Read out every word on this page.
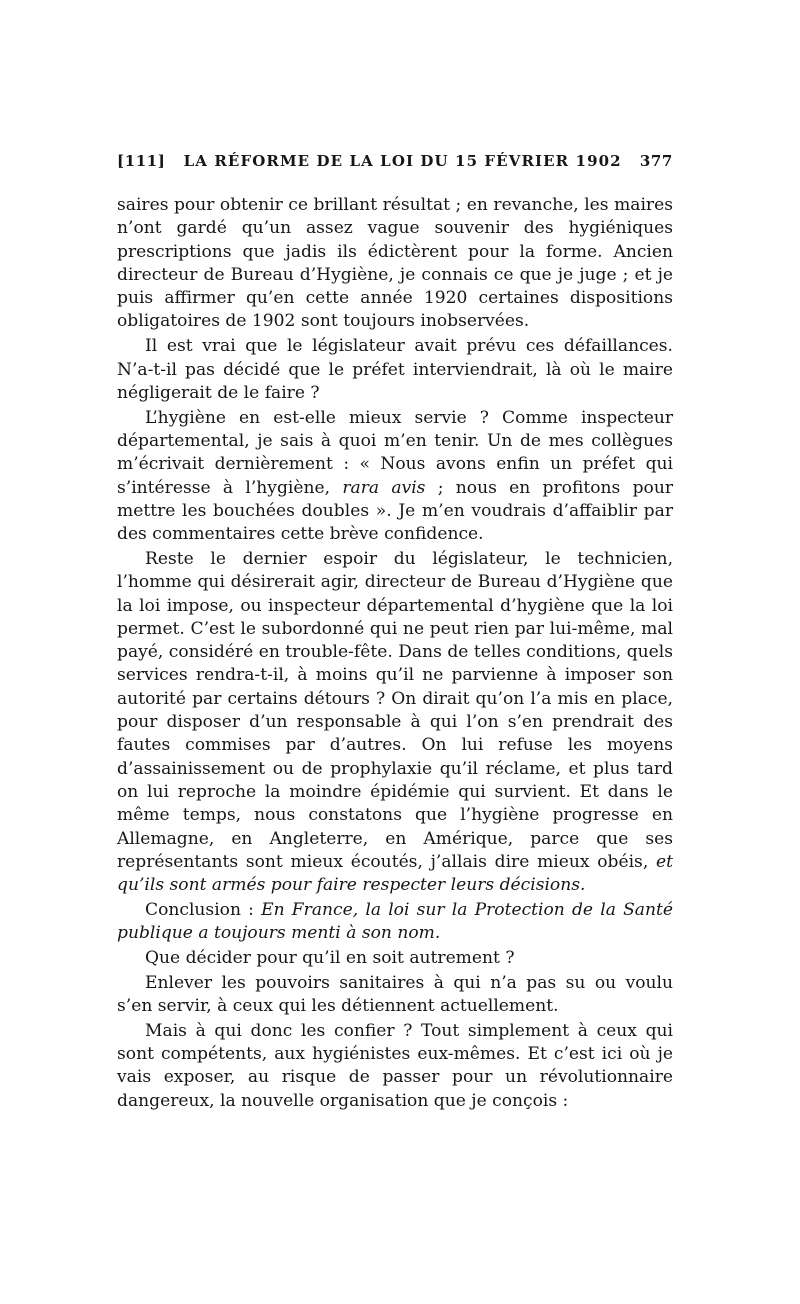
[111] LA RÉFORME DE LA LOI DU 15 FÉVRIER 1902 377

saires pour obtenir ce brillant résultat ; en revanche, les maires n’ont gardé qu’un assez vague souvenir des hygiéniques prescriptions que jadis ils édictèrent pour la forme. Ancien directeur de Bureau d’Hygiène, je connais ce que je juge ; et je puis affirmer qu’en cette année 1920 certaines dispositions obligatoires de 1902 sont toujours inobservées.

Il est vrai que le législateur avait prévu ces défaillances. N’a-t-il pas décidé que le préfet interviendrait, là où le maire négligerait de le faire ?

L’hygiène en est-elle mieux servie ? Comme inspecteur départemental, je sais à quoi m’en tenir. Un de mes collègues m’écrivait dernièrement : « Nous avons enfin un préfet qui s’intéresse à l’hygiène, rara avis ; nous en profitons pour mettre les bouchées doubles ». Je m’en voudrais d’affaiblir par des commentaires cette brève confidence.

Reste le dernier espoir du législateur, le technicien, l’homme qui désirerait agir, directeur de Bureau d’Hygiène que la loi impose, ou inspecteur départemental d’hygiène que la loi permet. C’est le subordonné qui ne peut rien par lui-même, mal payé, considéré en trouble-fête. Dans de telles conditions, quels services rendra-t-il, à moins qu’il ne parvienne à imposer son autorité par certains détours ? On dirait qu’on l’a mis en place, pour disposer d’un responsable à qui l’on s’en prendrait des fautes commises par d’autres. On lui refuse les moyens d’assainissement ou de prophylaxie qu’il réclame, et plus tard on lui reproche la moindre épidémie qui survient. Et dans le même temps, nous constatons que l’hygiène progresse en Allemagne, en Angleterre, en Amérique, parce que ses représentants sont mieux écoutés, j’allais dire mieux obéis, et qu’ils sont armés pour faire respecter leurs décisions.

Conclusion : En France, la loi sur la Protection de la Santé publique a toujours menti à son nom.

Que décider pour qu’il en soit autrement ?

Enlever les pouvoirs sanitaires à qui n’a pas su ou voulu s’en servir, à ceux qui les détiennent actuellement.

Mais à qui donc les confier ? Tout simplement à ceux qui sont compétents, aux hygiénistes eux-mêmes. Et c’est ici où je vais exposer, au risque de passer pour un révolutionnaire dangereux, la nouvelle organisation que je conçois :
